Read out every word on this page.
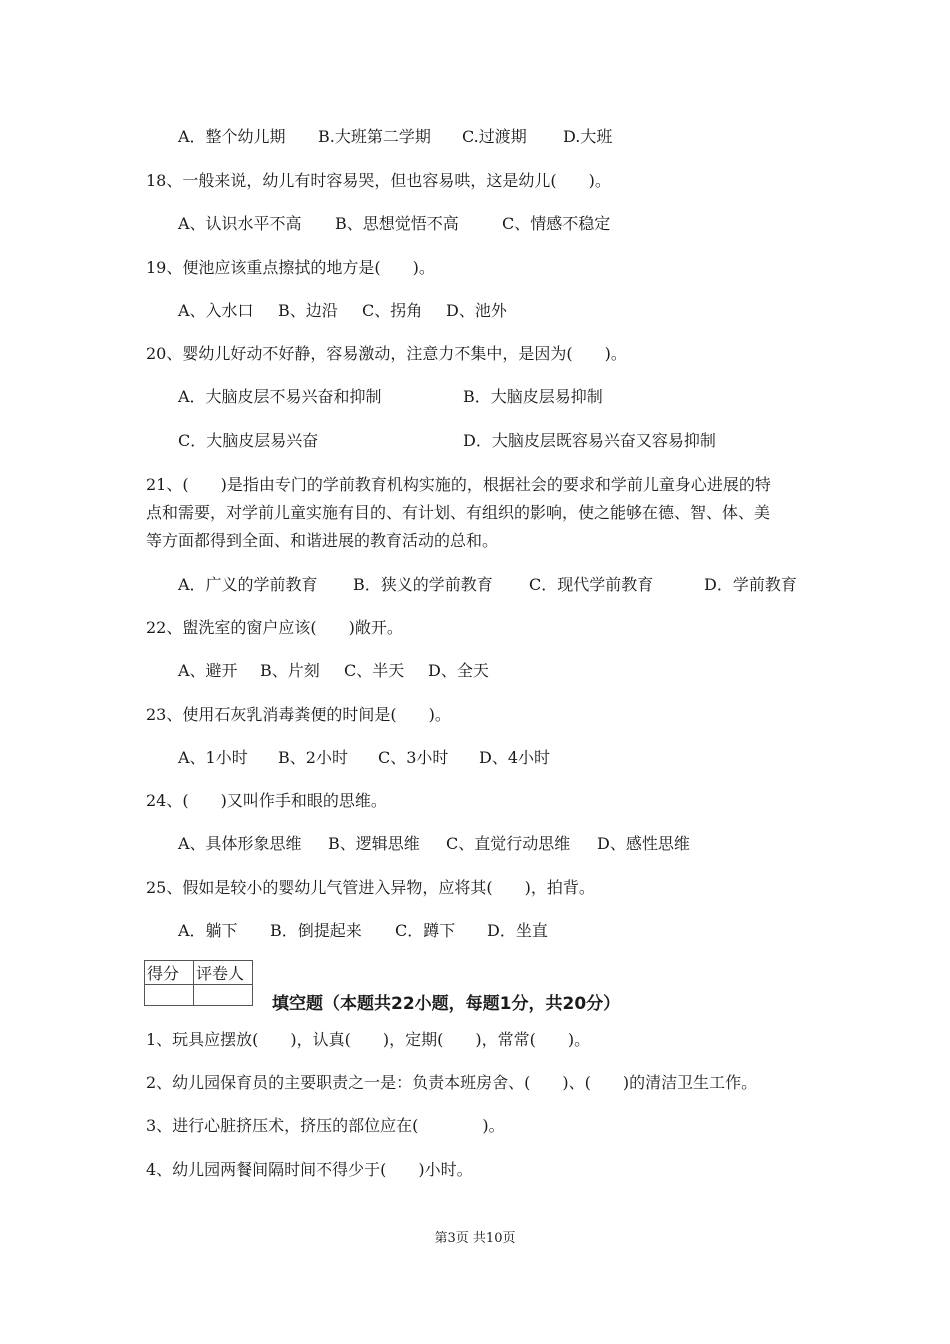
A．整个幼儿期 B.大班第二学期 C.过渡期 D.大班
18、一般来说，幼儿有时容易哭，但也容易哄，这是幼儿(　　)。
A、认识水平不高 B、思想觉悟不高	C、情感不稳定
19、便池应该重点擦拭的地方是(　　)。
A、入水口 B、边沿 C、拐角 D、池外
20、婴幼儿好动不好静，容易激动，注意力不集中，是因为(　　)。
A．大脑皮层不易兴奋和抑制	B．大脑皮层易抑制
C．大脑皮层易兴奋	D．大脑皮层既容易兴奋又容易抑制
21、(　　)是指由专门的学前教育机构实施的，根据社会的要求和学前儿童身心进展的特
点和需要，对学前儿童实施有目的、有计划、有组织的影响，使之能够在德、智、体、美
等方面都得到全面、和谐进展的教育活动的总和。
A．广义的学前教育 B．狭义的学前教育 C．现代学前教育	D．学前教育
22、盥洗室的窗户应该(　　)敞开。
A、避开 B、片刻 C、半天 D、全天
23、使用石灰乳消毒粪便的时间是(　　)。
A、1小时 B、2小时 C、3小时 D、4小时
24、(　　)又叫作手和眼的思维。
A、具体形象思维 B、逻辑思维 C、直觉行动思维 D、感性思维
25、假如是较小的婴幼儿气管进入异物，应将其(　　)，拍背。
A．躺下 B．倒提起来 C．蹲下 D．坐直
得分	评卷人

填空题（本题共22小题，每题1分，共20分）
1、玩具应摆放(　　)，认真(　　)，定期(　　)，常常(　　)。
2、幼儿园保育员的主要职责之一是：负责本班房舍、(　　)、(　　)的清洁卫生工作。
3、进行心脏挤压术，挤压的部位应在(　　　　)。
4、幼儿园两餐间隔时间不得少于(　　)小时。
第3页 共10页
